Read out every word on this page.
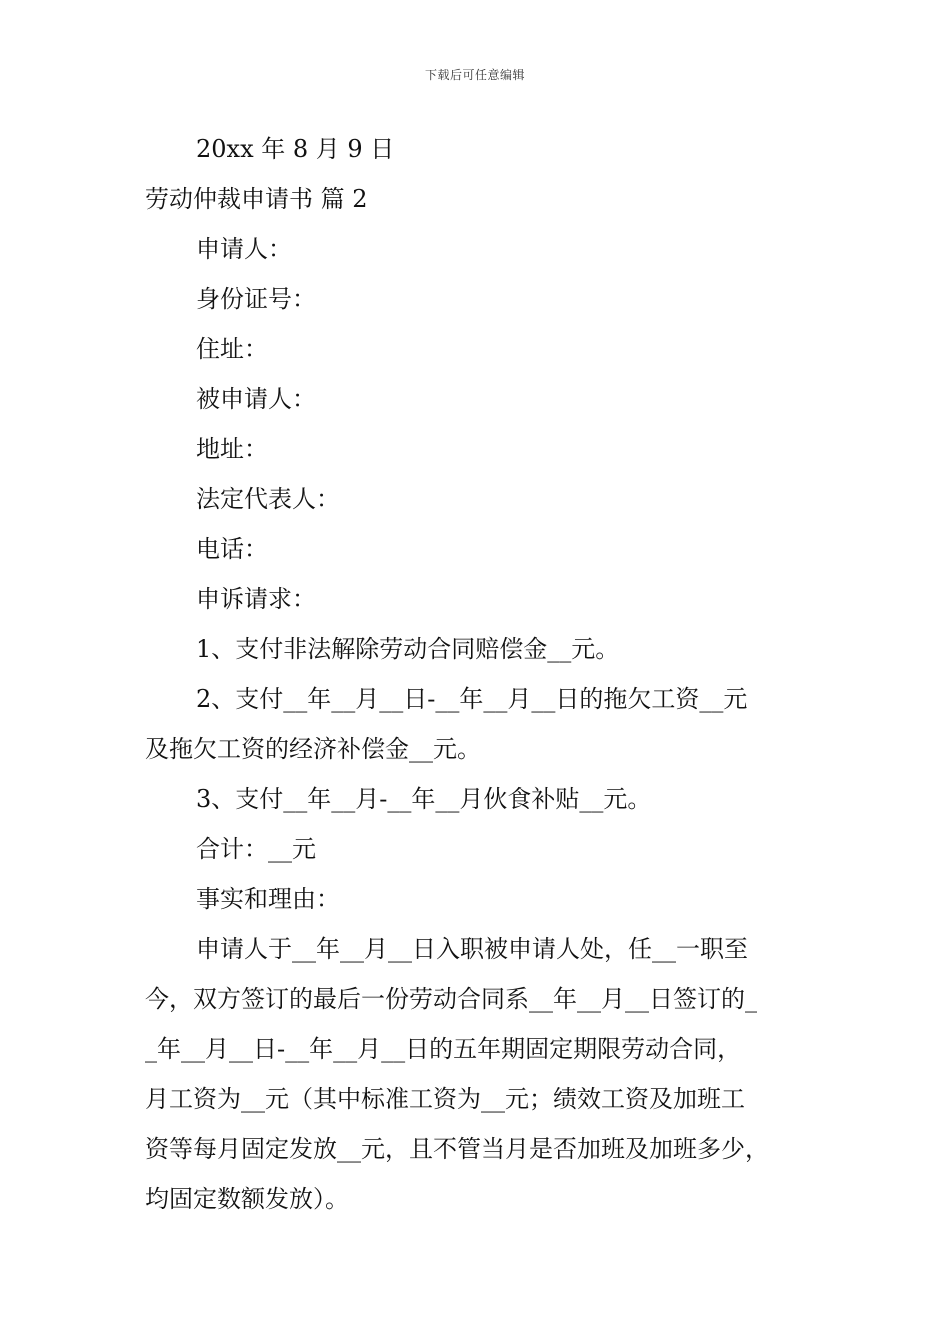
下载后可任意编辑
20xx 年 8 月 9 日
劳动仲裁申请书 篇 2
申请人：
身份证号：
住址：
被申请人：
地址：
法定代表人：
电话：
申诉请求：
1、支付非法解除劳动合同赔偿金__元。
2、支付__年__月__日-__年__月__日的拖欠工资__元
及拖欠工资的经济补偿金__元。
3、支付__年__月-__年__月伙食补贴__元。
合计：__元
事实和理由：
申请人于__年__月__日入职被申请人处，任__一职至
今，双方签订的最后一份劳动合同系__年__月__日签订的_
_年__月__日-__年__月__日的五年期固定期限劳动合同，
月工资为__元（其中标准工资为__元；绩效工资及加班工
资等每月固定发放__元，且不管当月是否加班及加班多少，
均固定数额发放）。
